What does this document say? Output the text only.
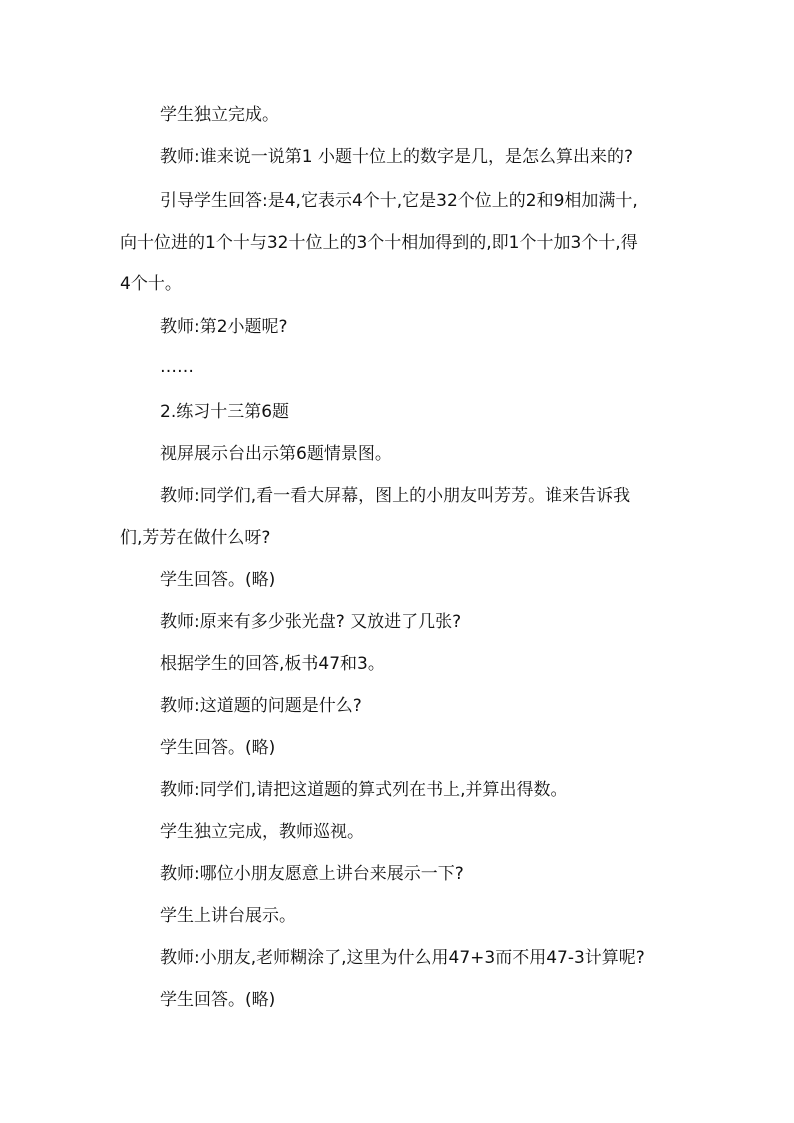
学生独立完成。

教师:谁来说一说第1 小题十位上的数字是几，是怎么算出来的?

引导学生回答:是4,它表示4个十,它是32个位上的2和9相加满十,

向十位进的1个十与32十位上的3个十相加得到的,即1个十加3个十,得

4个十。

教师:第2小题呢?

……

2.练习十三第6题

视屏展示台出示第6题情景图。

教师:同学们,看一看大屏幕，图上的小朋友叫芳芳。谁来告诉我

们,芳芳在做什么呀?

学生回答。(略)

教师:原来有多少张光盘? 又放进了几张?

根据学生的回答,板书47和3。

教师:这道题的问题是什么?

学生回答。(略)

教师:同学们,请把这道题的算式列在书上,并算出得数。

学生独立完成，教师巡视。

教师:哪位小朋友愿意上讲台来展示一下?

学生上讲台展示。

教师:小朋友,老师糊涂了,这里为什么用47+3而不用47-3计算呢?

学生回答。(略)
